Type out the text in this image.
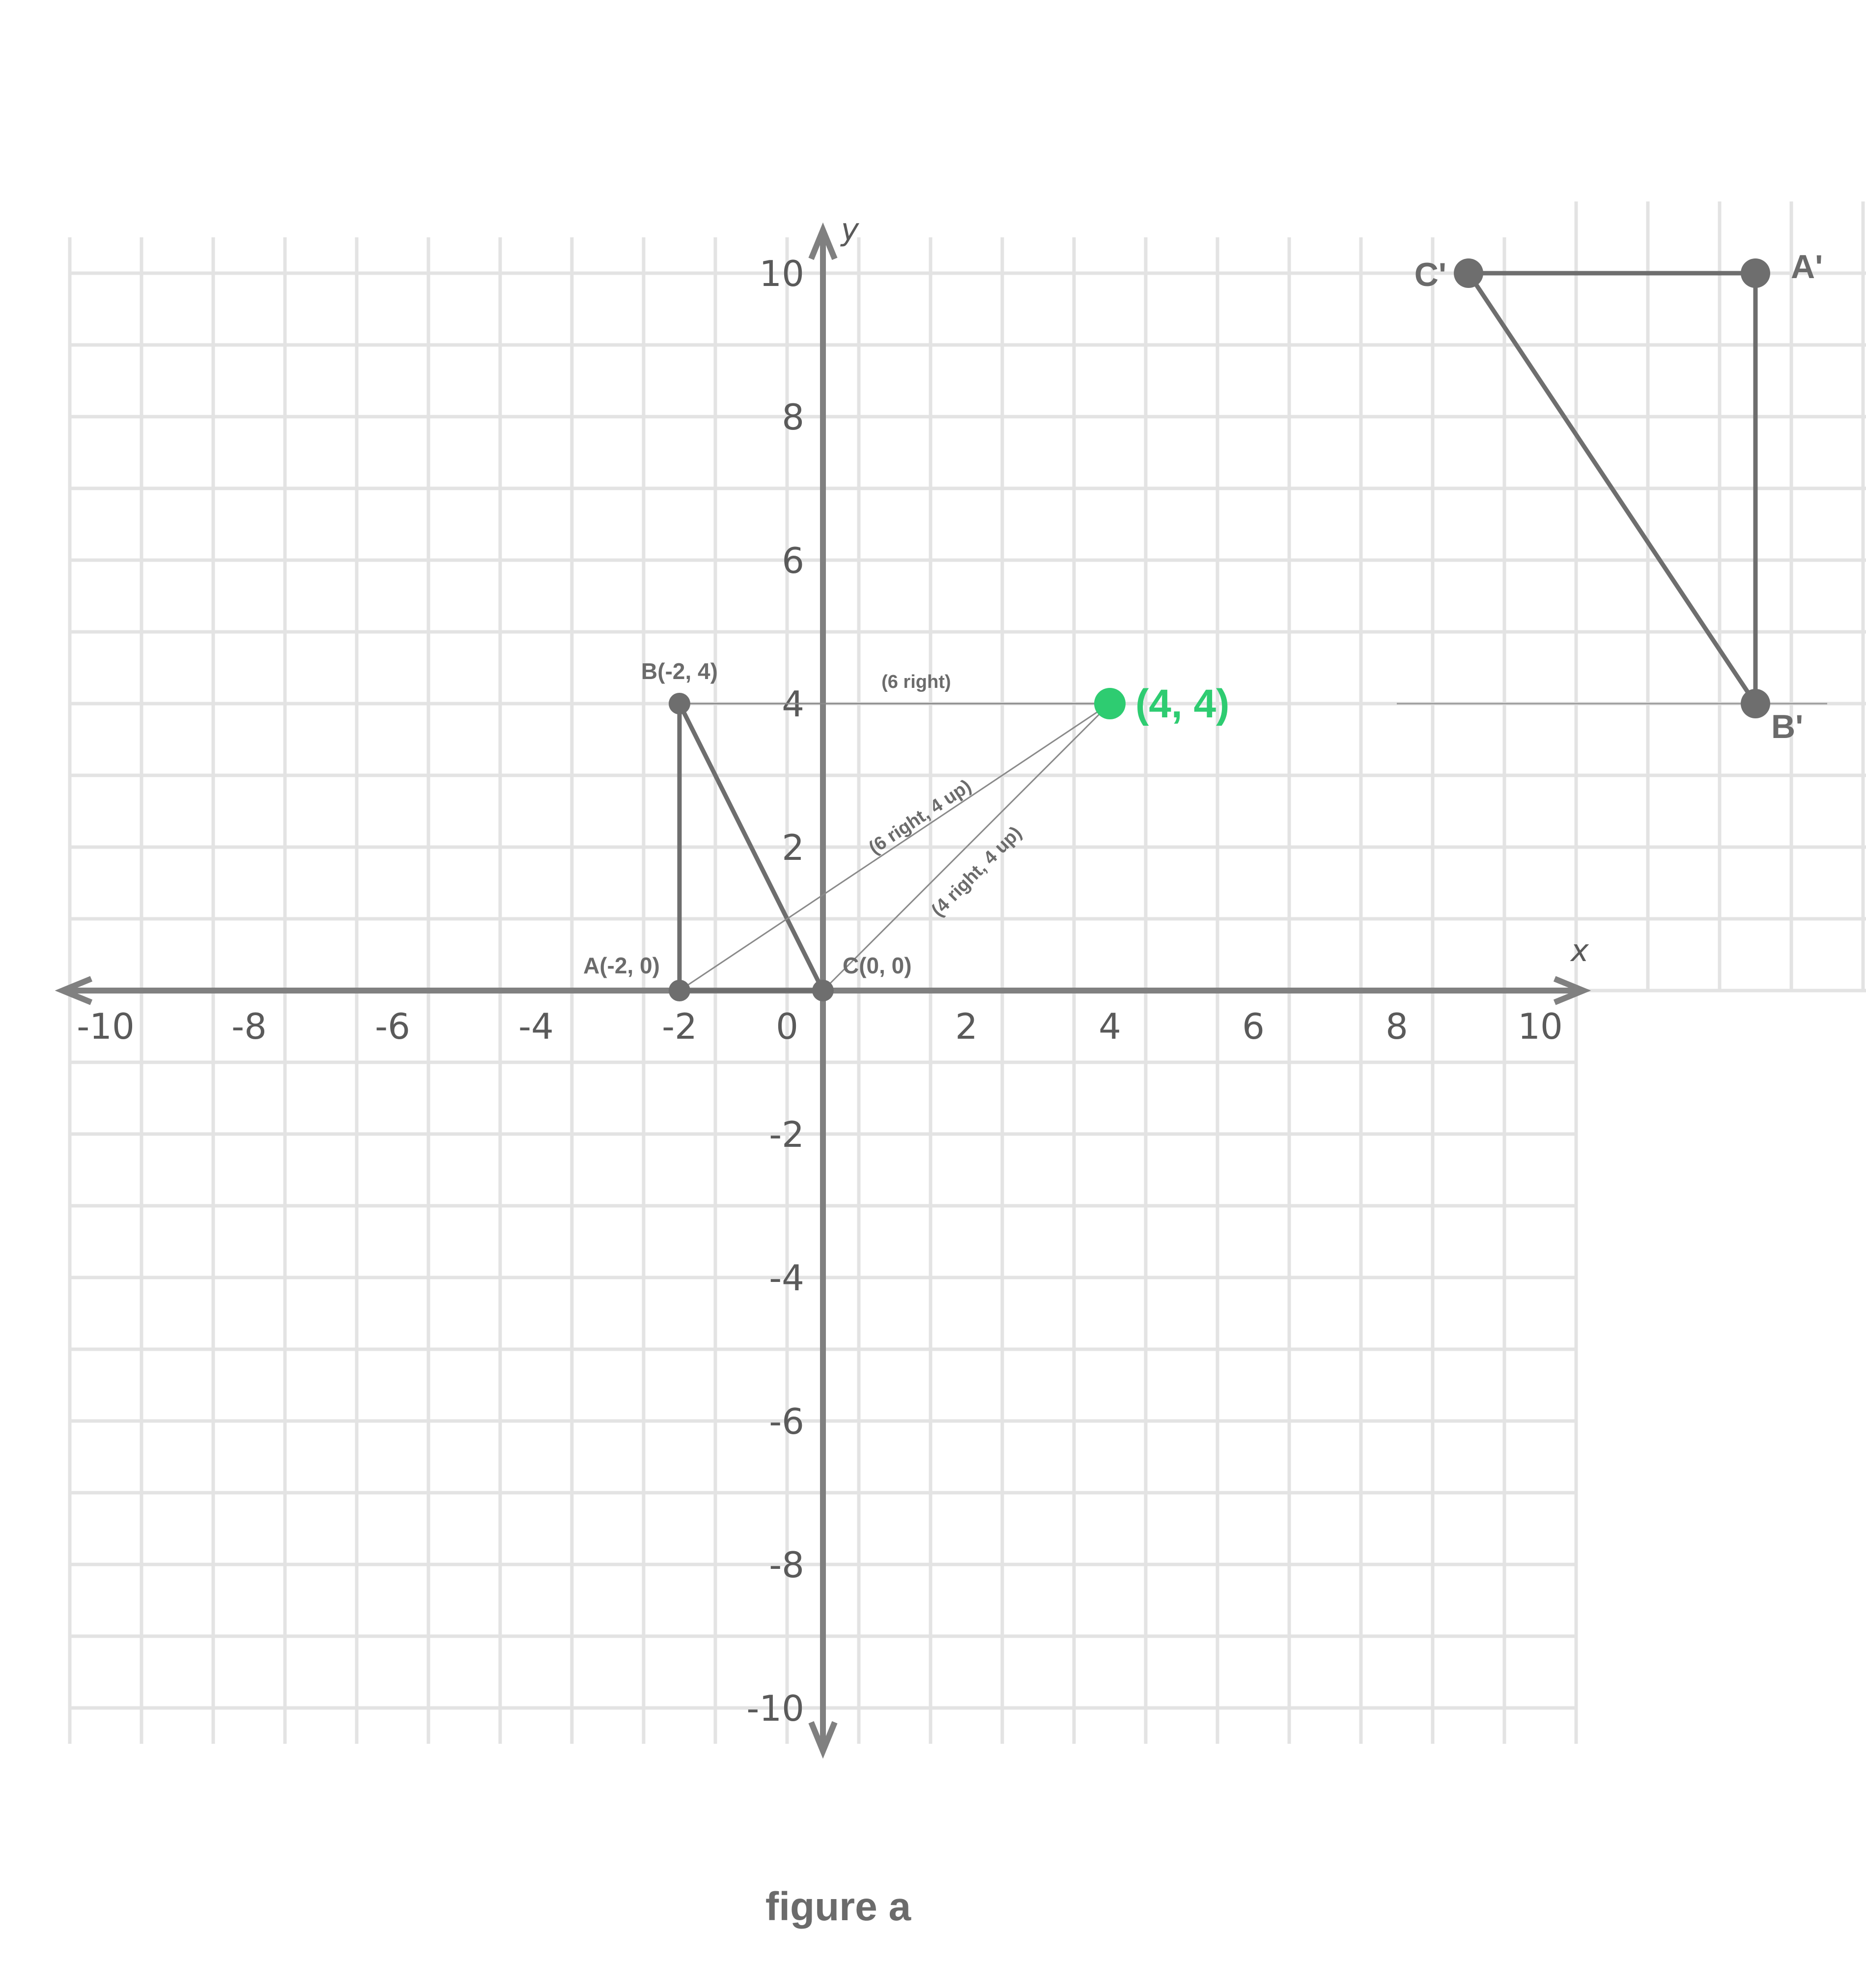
x
y
-10	-8	-6	-4	-2 0	2	4	6	8	10
10
8
6
4
2
-2
-4
-6
-8
-10
B(-2, 4)
A(-2, 0)	C(0, 0)
A'
B'
C'
(4, 4)
(6 right)
(6 right, 4 up)
(4 right, 4 up)
figure a
